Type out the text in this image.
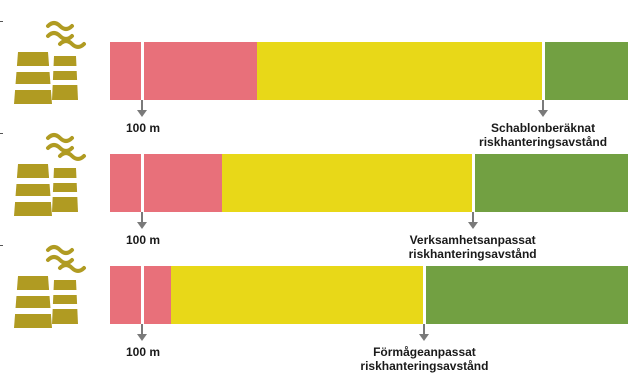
100 m	Schablonberäknat
riskhanteringsavstånd
100 m	Verksamhetsanpassat
riskhanteringsavstånd
100 m	Förmågeanpassat
riskhanteringsavstånd
